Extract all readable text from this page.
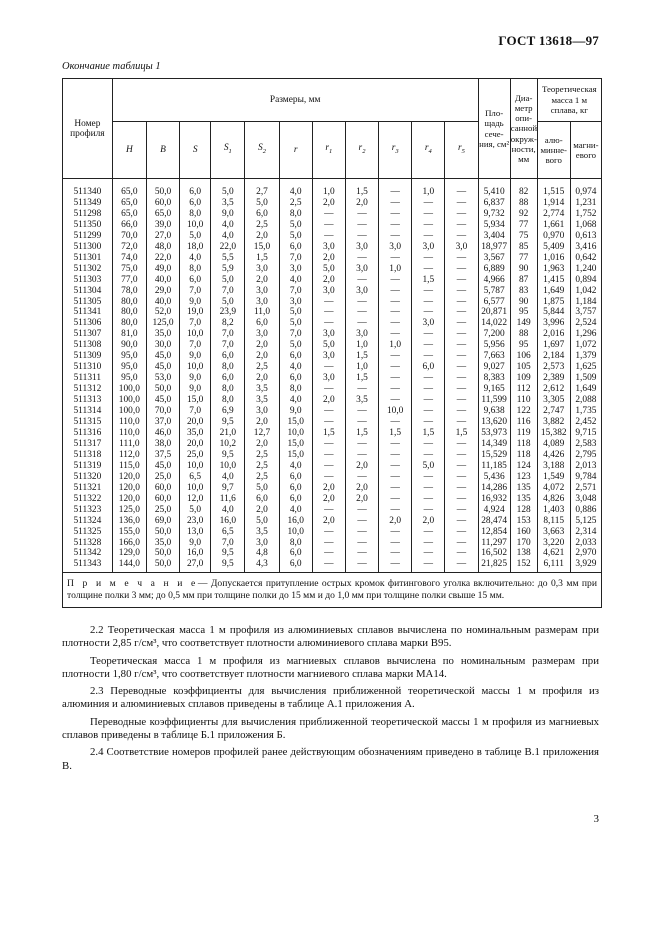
ГОСТ 13618—97
Окончание таблицы 1
Номер профиля	Размеры, мм											Пло-щадь сече-ния, см²	Диа-метр опи-санной окруж-ности, мм	Теоретическая масса 1 м сплава, кг	
	H	B	S	$S_1$	$S_2$	r	$r_1$	$r_2$	$r_3$	$r_4$	$r_5$			алю-минне-вого	магни-евого
511340	65,0	50,0	6,0	5,0	2,7	4,0	1,0	1,5	—	1,0	—	5,410	82	1,515	0,974
511349	65,0	60,0	6,0	3,5	5,0	2,5	2,0	2,0	—	—	—	6,837	88	1,914	1,231
511298	65,0	65,0	8,0	9,0	6,0	8,0	—	—	—	—	—	9,732	92	2,774	1,752
511350	66,0	39,0	10,0	4,0	2,5	5,0	—	—	—	—	—	5,934	77	1,661	1,068
511299	70,0	27,0	5,0	4,0	2,0	5,0	—	—	—	—	—	3,404	75	0,970	0,613
511300	72,0	48,0	18,0	22,0	15,0	6,0	3,0	3,0	3,0	3,0	3,0	18,977	85	5,409	3,416
511301	74,0	22,0	4,0	5,5	1,5	7,0	2,0	—	—	—	—	3,567	77	1,016	0,642
511302	75,0	49,0	8,0	5,9	3,0	3,0	5,0	3,0	1,0	—	—	6,889	90	1,963	1,240
511303	77,0	40,0	6,0	5,0	2,0	4,0	2,0	—	—	1,5	—	4,966	87	1,415	0,894
511304	78,0	29,0	7,0	7,0	3,0	7,0	3,0	3,0	—	—	—	5,787	83	1,649	1,042
511305	80,0	40,0	9,0	5,0	3,0	3,0	—	—	—	—	—	6,577	90	1,875	1,184
511341	80,0	52,0	19,0	23,9	11,0	5,0	—	—	—	—	—	20,871	95	5,844	3,757
511306	80,0	125,0	7,0	8,2	6,0	5,0	—	—	—	3,0	—	14,022	149	3,996	2,524
511307	81,0	35,0	10,0	7,0	3,0	7,0	3,0	3,0	—	—	—	7,200	88	2,016	1,296
511308	90,0	30,0	7,0	7,0	2,0	5,0	5,0	1,0	1,0	—	—	5,956	95	1,697	1,072
511309	95,0	45,0	9,0	6,0	2,0	6,0	3,0	1,5	—	—	—	7,663	106	2,184	1,379
511310	95,0	45,0	10,0	8,0	2,5	4,0	—	1,0	—	6,0	—	9,027	105	2,573	1,625
511311	95,0	53,0	9,0	6,0	2,0	6,0	3,0	1,5	—	—	—	8,383	109	2,389	1,509
511312	100,0	50,0	9,0	8,0	3,5	8,0	—	—	—	—	—	9,165	112	2,612	1,649
511313	100,0	45,0	15,0	8,0	3,5	4,0	2,0	3,5	—	—	—	11,599	110	3,305	2,088
511314	100,0	70,0	7,0	6,9	3,0	9,0	—	—	10,0	—	—	9,638	122	2,747	1,735
511315	110,0	37,0	20,0	9,5	2,0	15,0	—	—	—	—	—	13,620	116	3,882	2,452
511316	110,0	46,0	35,0	21,0	12,7	10,0	1,5	1,5	1,5	1,5	1,5	53,973	119	15,382	9,715
511317	111,0	38,0	20,0	10,2	2,0	15,0	—	—	—	—	—	14,349	118	4,089	2,583
511318	112,0	37,5	25,0	9,5	2,5	15,0	—	—	—	—	—	15,529	118	4,426	2,795
511319	115,0	45,0	10,0	10,0	2,5	4,0	—	2,0	—	5,0	—	11,185	124	3,188	2,013
511320	120,0	25,0	6,5	4,0	2,5	6,0	—	—	—	—	—	5,436	123	1,549	9,784
511321	120,0	60,0	10,0	9,7	5,0	6,0	2,0	2,0	—	—	—	14,286	135	4,072	2,571
511322	120,0	60,0	12,0	11,6	6,0	6,0	2,0	2,0	—	—	—	16,932	135	4,826	3,048
511323	125,0	25,0	5,0	4,0	2,0	4,0	—	—	—	—	—	4,924	128	1,403	0,886
511324	136,0	69,0	23,0	16,0	5,0	16,0	2,0	—	2,0	2,0	—	28,474	153	8,115	5,125
511325	155,0	50,0	13,0	6,5	3,5	10,0	—	—	—	—	—	12,854	160	3,663	2,314
511328	166,0	35,0	9,0	7,0	3,0	8,0	—	—	—	—	—	11,297	170	3,220	2,033
511342	129,0	50,0	16,0	9,5	4,8	6,0	—	—	—	—	—	16,502	138	4,621	2,970
511343	144,0	50,0	27,0	9,5	4,3	6,0	—	—	—	—	—	21,825	152	6,111	3,929
П р и м е ч а н и е— Допускается притупление острых кромок фитингового уголка включительно: до 0,3 мм при толщине полки 3 мм; до 0,5 мм при толщине полки до 15 мм и до 1,0 мм при толщине полки свыше 15 мм.															

2.2 Теоретическая масса 1 м профиля из алюминиевых сплавов вычислена по номинальным размерам при плотности 2,85 г/см³, что соответствует плотности алюминиевого сплава марки В95.

Теоретическая масса 1 м профиля из магниевых сплавов вычислена по номинальным размерам при плотности 1,80 г/см³, что соответствует плотности магниевого сплава марки МА14.

2.3 Переводные коэффициенты для вычисления приближенной теоретической массы 1 м профиля из алюминия и алюминиевых сплавов приведены в таблице А.1 приложения А.

Переводные коэффициенты для вычисления приближенной теоретической массы 1 м профиля из магниевых сплавов приведены в таблице Б.1 приложения Б.

2.4 Соответствие номеров профилей ранее действующим обозначениям приведено в таблице В.1 приложения В.

3
